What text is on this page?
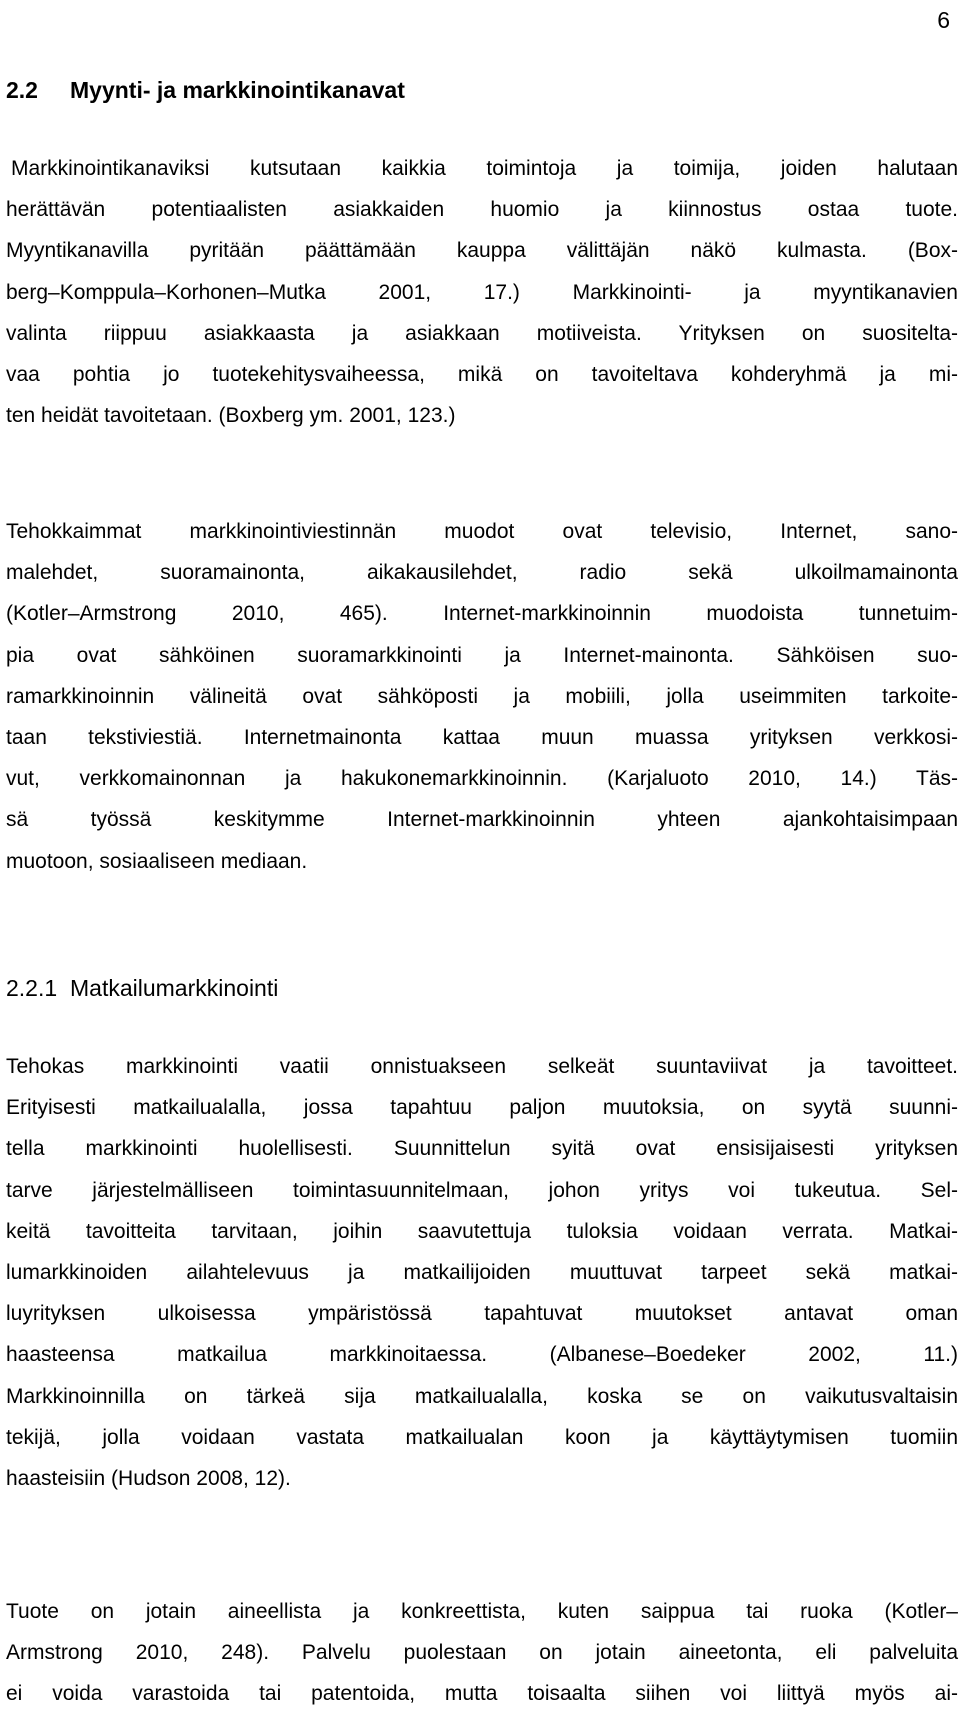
6
2.2 Myynti- ja markkinointikanavat
Markkinointikanaviksi kutsutaan kaikkia toimintoja ja toimija, joiden halutaan
herättävän potentiaalisten asiakkaiden huomio ja kiinnostus ostaa tuote.
Myyntikanavilla pyritään päättämään kauppa välittäjän näkö kulmasta. (Box-
berg–Komppula–Korhonen–Mutka 2001, 17.) Markkinointi- ja myyntikanavien
valinta riippuu asiakkaasta ja asiakkaan motiiveista. Yrityksen on suositelta-
vaa pohtia jo tuotekehitysvaiheessa, mikä on tavoiteltava kohderyhmä ja mi-
ten heidät tavoitetaan. (Boxberg ym. 2001, 123.)
Tehokkaimmat markkinointiviestinnän muodot ovat televisio, Internet, sano-
malehdet, suoramainonta, aikakausilehdet, radio sekä ulkoilmamainonta
(Kotler–Armstrong 2010, 465). Internet-markkinoinnin muodoista tunnetuim-
pia ovat sähköinen suoramarkkinointi ja Internet-mainonta. Sähköisen suo-
ramarkkinoinnin välineitä ovat sähköposti ja mobiili, jolla useimmiten tarkoite-
taan tekstiviestiä. Internetmainonta kattaa muun muassa yrityksen verkkosi-
vut, verkkomainonnan ja hakukonemarkkinoinnin. (Karjaluoto 2010, 14.) Täs-
sä työssä keskitymme Internet-markkinoinnin yhteen ajankohtaisimpaan
muotoon, sosiaaliseen mediaan.
2.2.1 Matkailumarkkinointi
Tehokas markkinointi vaatii onnistuakseen selkeät suuntaviivat ja tavoitteet.
Erityisesti matkailualalla, jossa tapahtuu paljon muutoksia, on syytä suunni-
tella markkinointi huolellisesti. Suunnittelun syitä ovat ensisijaisesti yrityksen
tarve järjestelmälliseen toimintasuunnitelmaan, johon yritys voi tukeutua. Sel-
keitä tavoitteita tarvitaan, joihin saavutettuja tuloksia voidaan verrata. Matkai-
lumarkkinoiden ailahtelevuus ja matkailijoiden muuttuvat tarpeet sekä matkai-
luyrityksen ulkoisessa ympäristössä tapahtuvat muutokset antavat oman
haasteensa matkailua markkinoitaessa. (Albanese–Boedeker 2002, 11.)
Markkinoinnilla on tärkeä sija matkailualalla, koska se on vaikutusvaltaisin
tekijä, jolla voidaan vastata matkailualan koon ja käyttäytymisen tuomiin
haasteisiin (Hudson 2008, 12).
Tuote on jotain aineellista ja konkreettista, kuten saippua tai ruoka (Kotler–
Armstrong 2010, 248). Palvelu puolestaan on jotain aineetonta, eli palveluita
ei voida varastoida tai patentoida, mutta toisaalta siihen voi liittyä myös ai-
